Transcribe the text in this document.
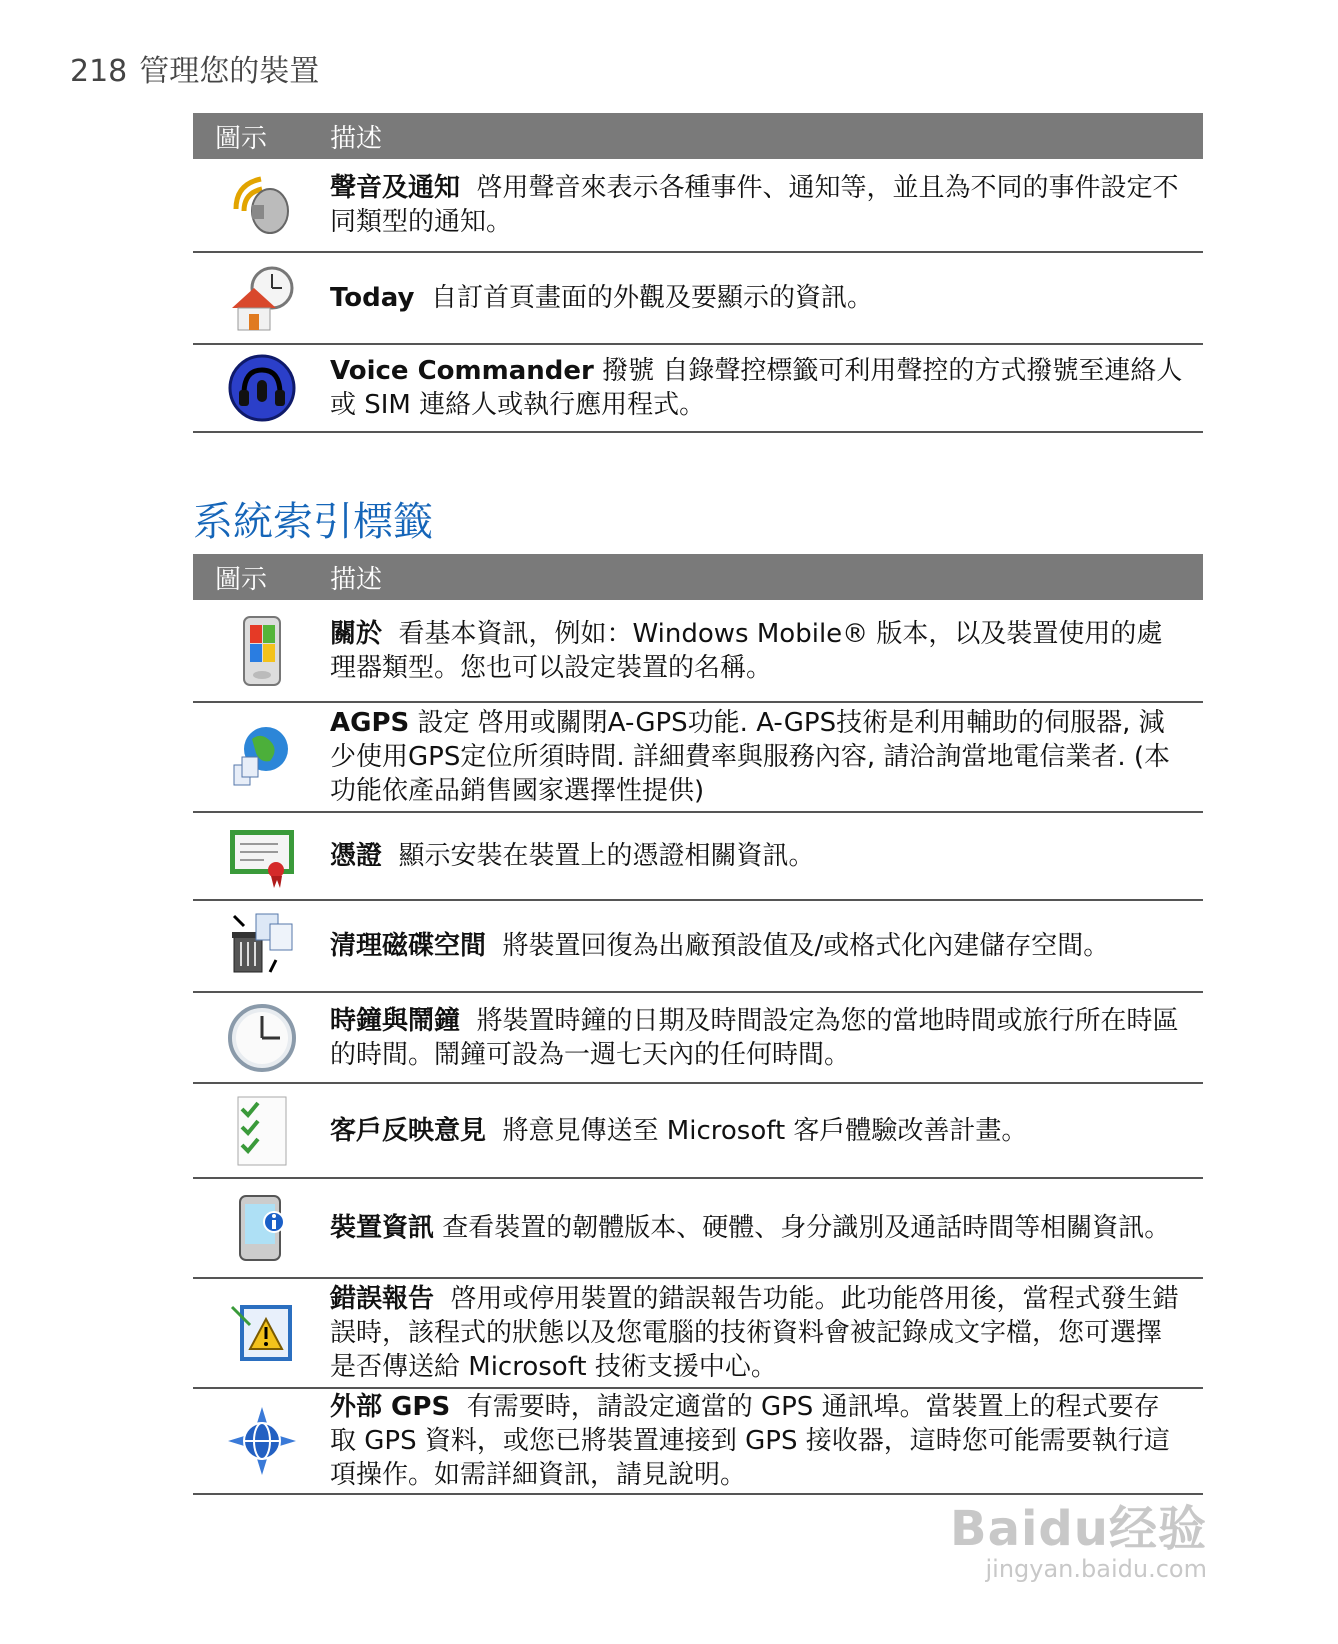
218 管理您的裝置
圖示	描述
聲音及通知 啓用聲音來表示各種事件、通知等，並且為不同的事件設定不同類型的通知。
Today 自訂首頁畫面的外觀及要顯示的資訊。
Voice Commander 撥號 自錄聲控標籤可利用聲控的方式撥號至連絡人或 SIM 連絡人或執行應用程式。
系統索引標籤
圖示	描述
關於 看基本資訊，例如：Windows Mobile® 版本，以及裝置使用的處理器類型。您也可以設定裝置的名稱。
AGPS 設定 啓用或關閉A-GPS功能. A-GPS技術是利用輔助的伺服器, 減少使用GPS定位所須時間. 詳細費率與服務內容, 請洽詢當地電信業者. (本功能依產品銷售國家選擇性提供)
憑證 顯示安裝在裝置上的憑證相關資訊。
清理磁碟空間 將裝置回復為出廠預設值及/或格式化內建儲存空間。
時鐘與鬧鐘 將裝置時鐘的日期及時間設定為您的當地時間或旅行所在時區的時間。鬧鐘可設為一週七天內的任何時間。
客戶反映意見 將意見傳送至 Microsoft 客戶體驗改善計畫。
裝置資訊 查看裝置的韌體版本、硬體、身分識別及通話時間等相關資訊。
錯誤報告 啓用或停用裝置的錯誤報告功能。此功能啓用後，當程式發生錯誤時，該程式的狀態以及您電腦的技術資料會被記錄成文字檔，您可選擇是否傳送給 Microsoft 技術支援中心。
外部 GPS 有需要時，請設定適當的 GPS 通訊埠。當裝置上的程式要存取 GPS 資料，或您已將裝置連接到 GPS 接收器，這時您可能需要執行這項操作。如需詳細資訊，請見說明。
Baidu经验
jingyan.baidu.com
